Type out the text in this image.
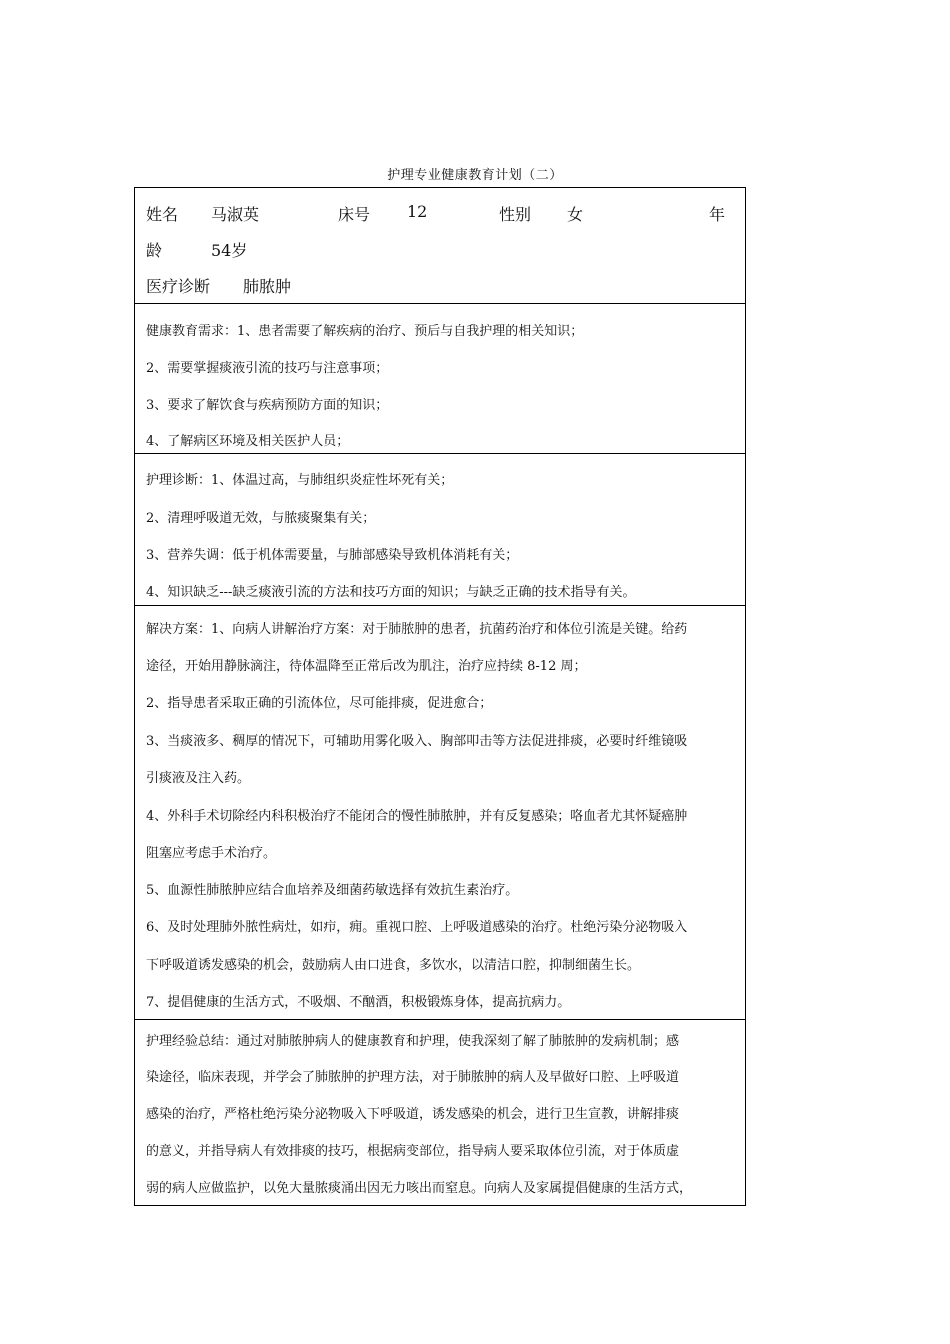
护理专业健康教育计划（二）
姓名 马淑英	床号 12	性别 女	年
龄	54岁
医疗诊断 肺脓肿
健康教育需求：1、患者需要了解疾病的治疗、预后与自我护理的相关知识；
2、需要掌握痰液引流的技巧与注意事项；
3、要求了解饮食与疾病预防方面的知识；
4、了解病区环境及相关医护人员；
护理诊断：1、体温过高，与肺组织炎症性坏死有关；
2、清理呼吸道无效，与脓痰聚集有关；
3、营养失调：低于机体需要量，与肺部感染导致机体消耗有关；
4、知识缺乏---缺乏痰液引流的方法和技巧方面的知识；与缺乏正确的技术指导有关。
解决方案：1、向病人讲解治疗方案：对于肺脓肿的患者，抗菌药治疗和体位引流是关键。给药
途径，开始用静脉滴注，待体温降至正常后改为肌注，治疗应持续 8-12 周；
2、指导患者采取正确的引流体位，尽可能排痰，促进愈合；
3、当痰液多、稠厚的情况下，可辅助用雾化吸入、胸部叩击等方法促进排痰，必要时纤维镜吸
引痰液及注入药。
4、外科手术切除经内科积极治疗不能闭合的慢性肺脓肿，并有反复感染；咯血者尤其怀疑癌肿
阻塞应考虑手术治疗。
5、血源性肺脓肿应结合血培养及细菌药敏选择有效抗生素治疗。
6、及时处理肺外脓性病灶，如疖，痈。重视口腔、上呼吸道感染的治疗。杜绝污染分泌物吸入
下呼吸道诱发感染的机会，鼓励病人由口进食，多饮水，以清洁口腔，抑制细菌生长。
7、提倡健康的生活方式，不吸烟、不酗酒，积极锻炼身体，提高抗病力。
护理经验总结：通过对肺脓肿病人的健康教育和护理，使我深刻了解了肺脓肿的发病机制；感
染途径，临床表现，并学会了肺脓肿的护理方法，对于肺脓肿的病人及早做好口腔、上呼吸道
感染的治疗，严格杜绝污染分泌物吸入下呼吸道，诱发感染的机会，进行卫生宣教，讲解排痰
的意义，并指导病人有效排痰的技巧，根据病变部位，指导病人要采取体位引流，对于体质虚
弱的病人应做监护，以免大量脓痰涌出因无力咳出而窒息。向病人及家属提倡健康的生活方式，
